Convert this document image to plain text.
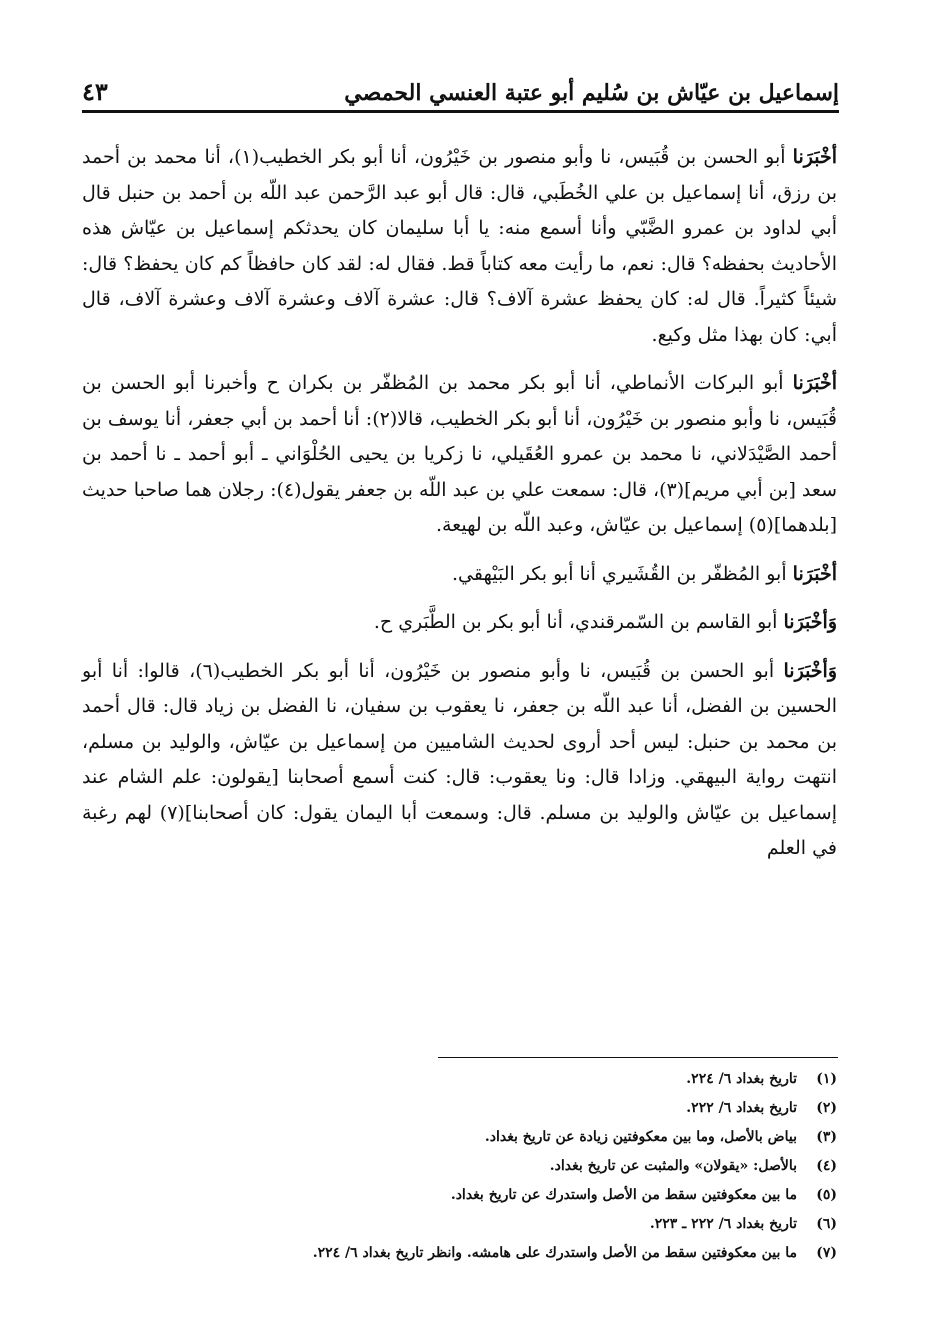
إسماعيل بن عيّاش بن سُليم أبو عتبة العنسي الحمصي
٤٣

أخْبَرَنا أبو الحسن بن قُبَيس، نا وأبو منصور بن خَيْرُون، أنا أبو بكر الخطيب(١)، أنا محمد بن أحمد بن رزق، أنا إسماعيل بن علي الخُطَبي، قال: قال أبو عبد الرَّحمن عبد اللّه بن أحمد بن حنبل قال أبي لداود بن عمرو الضَّبّي وأنا أسمع منه: يا أبا سليمان كان يحدثكم إسماعيل بن عيّاش هذه الأحاديث بحفظه؟ قال: نعم، ما رأيت معه كتاباً قط. فقال له: لقد كان حافظاً كم كان يحفظ؟ قال: شيئاً كثيراً. قال له: كان يحفظ عشرة آلاف؟ قال: عشرة آلاف وعشرة آلاف وعشرة آلاف، قال أبي: كان بهذا مثل وكيع.

أخْبَرَنا أبو البركات الأنماطي، أنا أبو بكر محمد بن المُظفّر بن بكران ح وأخبرنا أبو الحسن بن قُبَيس، نا وأبو منصور بن خَيْرُون، أنا أبو بكر الخطيب، قالا(٢): أنا أحمد بن أبي جعفر، أنا يوسف بن أحمد الصَّيْدَلاني، نا محمد بن عمرو العُقَيلي، نا زكريا بن يحيى الحُلْوَاني ـ أبو أحمد ـ نا أحمد بن سعد [بن أبي مريم](٣)، قال: سمعت علي بن عبد اللّه بن جعفر يقول(٤): رجلان هما صاحبا حديث [بلدهما](٥) إسماعيل بن عيّاش، وعبد اللّه بن لهيعة.

أخْبَرَنا أبو المُظفّر بن القُشَيري أنا أبو بكر البَيْهقي.

وَأخْبَرَنا أبو القاسم بن السّمرقندي، أنا أبو بكر بن الطَّبَري ح.

وَأخْبَرَنا أبو الحسن بن قُبَيس، نا وأبو منصور بن خَيْرُون، أنا أبو بكر الخطيب(٦)، قالوا: أنا أبو الحسين بن الفضل، أنا عبد اللّه بن جعفر، نا يعقوب بن سفيان، نا الفضل بن زياد قال: قال أحمد بن محمد بن حنبل: ليس أحد أروى لحديث الشاميين من إسماعيل بن عيّاش، والوليد بن مسلم، انتهت رواية البيهقي. وزادا قال: ونا يعقوب: قال: كنت أسمع أصحابنا [يقولون: علم الشام عند إسماعيل بن عيّاش والوليد بن مسلم. قال: وسمعت أبا اليمان يقول: كان أصحابنا](٧) لهم رغبة في العلم

(١)
تاريخ بغداد ٦/ ٢٢٤.
(٢)
تاريخ بغداد ٦/ ٢٢٢.
(٣)
بياض بالأصل، وما بين معكوفتين زيادة عن تاريخ بغداد.
(٤)
بالأصل: «يقولان» والمثبت عن تاريخ بغداد.
(٥)
ما بين معكوفتين سقط من الأصل واستدرك عن تاريخ بغداد.
(٦)
تاريخ بغداد ٦/ ٢٢٢ ـ ٢٢٣.
(٧)
ما بين معكوفتين سقط من الأصل واستدرك على هامشه. وانظر تاريخ بغداد ٦/ ٢٢٤.
